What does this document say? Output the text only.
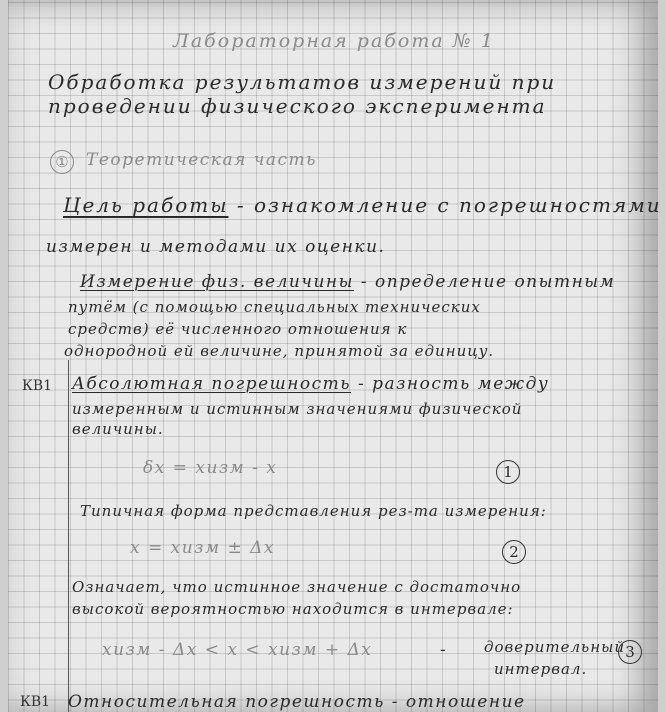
Лабораторная работа № 1
Обработка результатов измерений при
проведении физического эксперимента
①	Теоретическая часть
Цель работы - ознакомление с погрешностями
измерен и методами их оценки.
Измерение физ. величины - определение опытным
путём (с помощью специальных технических
средств) её численного отношения к
однородной ей величине, принятой за единицу.
КВ1 Абсолютная погрешность - разность между
измеренным и истинным значениями физической
величины.
δx = xизм - x	1
Типичная форма представления рез-та измерения:
x = xизм ± Δx	2
Означает, что истинное значение с достаточно
высокой вероятностью находится в интервале:
xизм - Δx < x < xизм + Δx	- доверительный
интервал.
3
КВ1 Относительная погрешность - отношение
